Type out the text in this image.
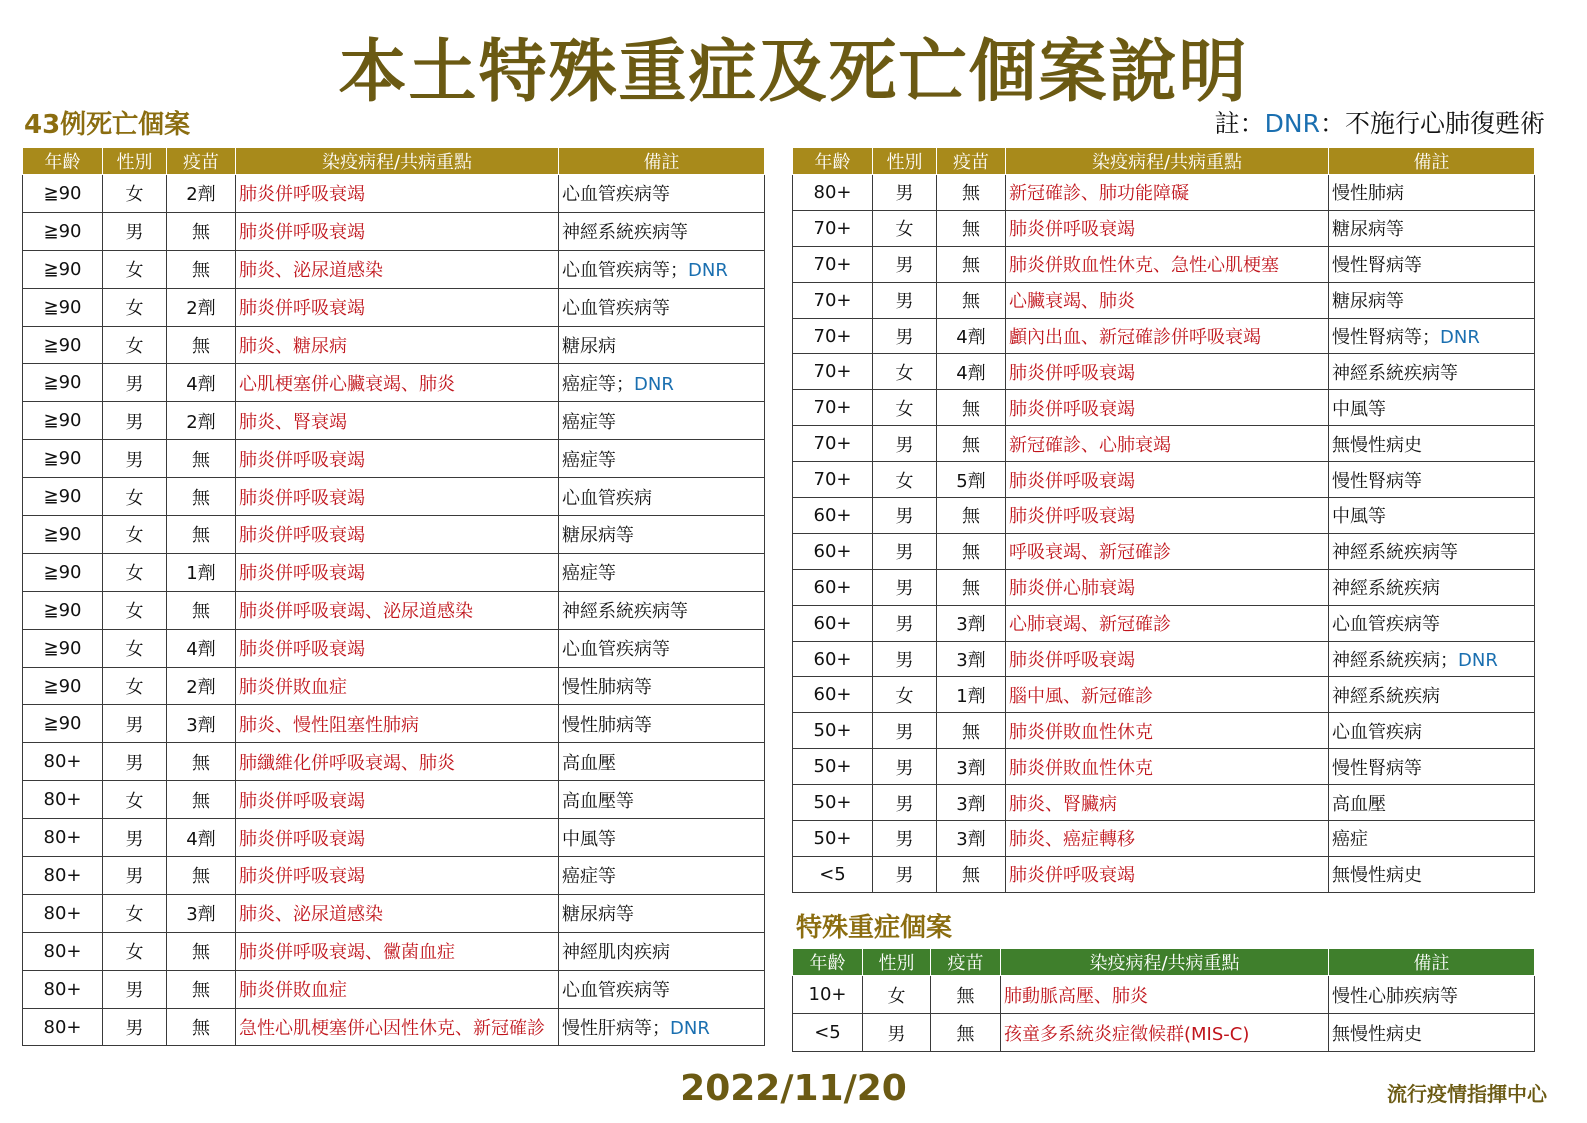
本土特殊重症及死亡個案說明
43例死亡個案	註：DNR：不施行心肺復甦術
年齡	性別	疫苗	染疫病程/共病重點	備註
≧90	女	2劑	肺炎併呼吸衰竭	心血管疾病等
≧90	男	無	肺炎併呼吸衰竭	神經系統疾病等
≧90	女	無	肺炎、泌尿道感染	心血管疾病等；DNR
≧90	女	2劑	肺炎併呼吸衰竭	心血管疾病等
≧90	女	無	肺炎、糖尿病	糖尿病
≧90	男	4劑	心肌梗塞併心臟衰竭、肺炎	癌症等；DNR
≧90	男	2劑	肺炎、腎衰竭	癌症等
≧90	男	無	肺炎併呼吸衰竭	癌症等
≧90	女	無	肺炎併呼吸衰竭	心血管疾病
≧90	女	無	肺炎併呼吸衰竭	糖尿病等
≧90	女	1劑	肺炎併呼吸衰竭	癌症等
≧90	女	無	肺炎併呼吸衰竭、泌尿道感染	神經系統疾病等
≧90	女	4劑	肺炎併呼吸衰竭	心血管疾病等
≧90	女	2劑	肺炎併敗血症	慢性肺病等
≧90	男	3劑	肺炎、慢性阻塞性肺病	慢性肺病等
80+	男	無	肺纖維化併呼吸衰竭、肺炎	高血壓
80+	女	無	肺炎併呼吸衰竭	高血壓等
80+	男	4劑	肺炎併呼吸衰竭	中風等
80+	男	無	肺炎併呼吸衰竭	癌症等
80+	女	3劑	肺炎、泌尿道感染	糖尿病等
80+	女	無	肺炎併呼吸衰竭、黴菌血症	神經肌肉疾病
80+	男	無	肺炎併敗血症	心血管疾病等
80+	男	無	急性心肌梗塞併心因性休克、新冠確診	慢性肝病等；DNR
年齡	性別	疫苗	染疫病程/共病重點	備註
80+	男	無	新冠確診、肺功能障礙	慢性肺病
70+	女	無	肺炎併呼吸衰竭	糖尿病等
70+	男	無	肺炎併敗血性休克、急性心肌梗塞	慢性腎病等
70+	男	無	心臟衰竭、肺炎	糖尿病等
70+	男	4劑	顱內出血、新冠確診併呼吸衰竭	慢性腎病等；DNR
70+	女	4劑	肺炎併呼吸衰竭	神經系統疾病等
70+	女	無	肺炎併呼吸衰竭	中風等
70+	男	無	新冠確診、心肺衰竭	無慢性病史
70+	女	5劑	肺炎併呼吸衰竭	慢性腎病等
60+	男	無	肺炎併呼吸衰竭	中風等
60+	男	無	呼吸衰竭、新冠確診	神經系統疾病等
60+	男	無	肺炎併心肺衰竭	神經系統疾病
60+	男	3劑	心肺衰竭、新冠確診	心血管疾病等
60+	男	3劑	肺炎併呼吸衰竭	神經系統疾病；DNR
60+	女	1劑	腦中風、新冠確診	神經系統疾病
50+	男	無	肺炎併敗血性休克	心血管疾病
50+	男	3劑	肺炎併敗血性休克	慢性腎病等
50+	男	3劑	肺炎、腎臟病	高血壓
50+	男	3劑	肺炎、癌症轉移	癌症
<5	男	無	肺炎併呼吸衰竭	無慢性病史
特殊重症個案
年齡	性別	疫苗	染疫病程/共病重點	備註
10+	女	無	肺動脈高壓、肺炎	慢性心肺疾病等
<5	男	無	孩童多系統炎症徵候群(MIS-C)	無慢性病史
2022/11/20	流行疫情指揮中心
